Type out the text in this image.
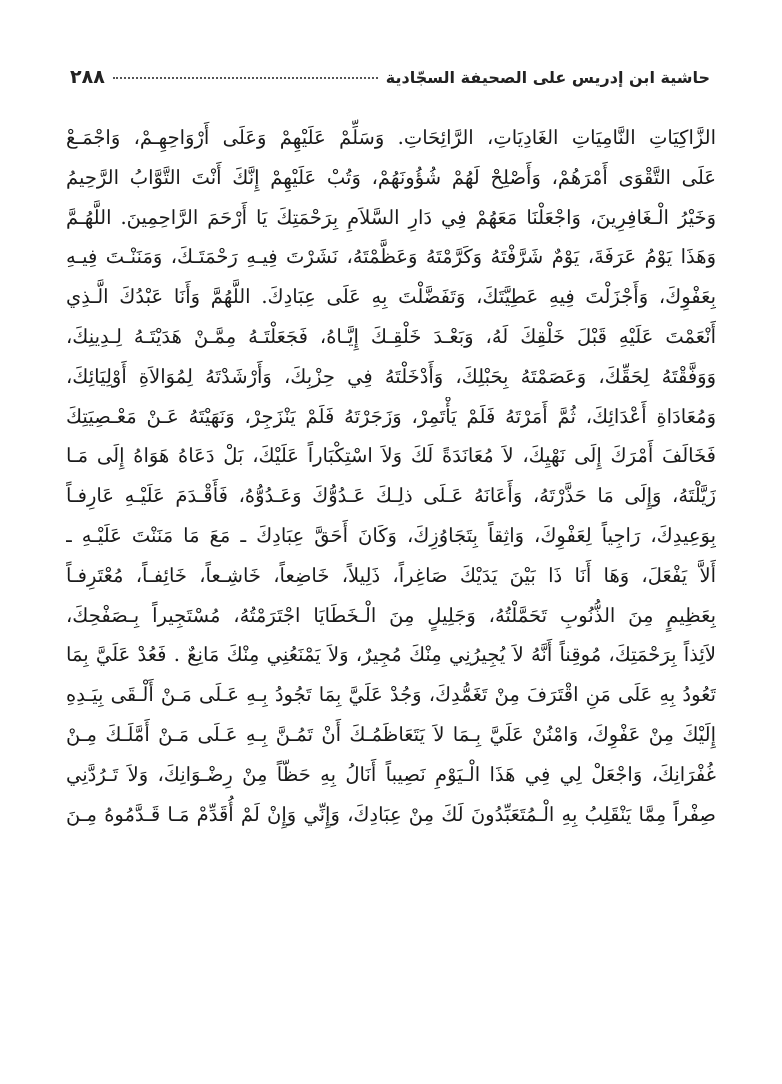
حاشية ابن إدريس على الصحيفة السجّادية
٢٨٨
الزَّاكِيَاتِ النَّامِيَاتِ الغَادِيَاتِ، الرَّائِحَاتِ. وَسَلِّمْ عَلَيْهِمْ وَعَلَى أَرْوَاحِهِـمْ، وَاجْمَـعْ
عَلَى التَّقْوَى أَمْرَهُمْ، وَأَصْلِحْ لَهُمْ شُؤُونَهُمْ، وَتُبْ عَلَيْهِمْ إِنَّكَ أَنْتَ التَّوَّابُ الرَّحِيمُ
وَخَيْرُ الْـغَافِرِينَ، وَاجْعَلْنَا مَعَهُمْ فِي دَارِ السَّلاَمِ بِرَحْمَتِكَ يَا أَرْحَمَ الرَّاحِمِينَ. اللَّهُـمَّ
وَهَذَا يَوْمُ عَرَفَةَ، يَوْمٌ شَرَّفْتَهُ وَكَرَّمْتَهُ وَعَظَّمْتَهُ، نَشَرْتَ فِيـهِ رَحْمَتَـكَ، وَمَنَنْـتَ فِيـهِ
بِعَفْوِكَ، وَأَجْزَلْتَ فِيهِ عَطِيَّتَكَ، وَتَفَضَّلْتَ بِهِ عَلَى عِبَادِكَ. اللَّهُمَّ وَأَنَا عَبْدُكَ الَّـذِي
أَنْعَمْتَ عَلَيْهِ قَبْلَ خَلْقِكَ لَهُ، وَبَعْـدَ خَلْقِـكَ إِيَّـاهُ، فَجَعَلْتَـهُ مِمَّـنْ هَدَيْتَـهُ لِـدِينِكَ،
وَوَفَّقْتَهُ لِحَقِّكَ، وَعَصَمْتَهُ بِحَبْلِكَ، وَأَدْخَلْتَهُ فِي حِزْبِكَ، وَأَرْشَدْتَهُ لِمُوَالاَةِ أَوْلِيَائِكَ،
وَمُعَادَاةِ أَعْدَائِكَ، ثُمَّ أَمَرْتَهُ فَلَمْ يَأْتَمِرْ، وَزَجَرْتَهُ فَلَمْ يَنْزَجِرْ، وَنَهَيْتَهُ عَـنْ مَعْـصِيَتِكَ
فَخَالَفَ أَمْرَكَ إِلَى نَهْيِكَ، لاَ مُعَانَدَةً لَكَ وَلاَ اسْتِكْبَاراً عَلَيْكَ، بَلْ دَعَاهُ هَوَاهُ إِلَى مَـا
زَيَّلْتَهُ، وَإِلَى مَا حَذَّرْتَهُ، وَأَعَانَهُ عَـلَى ذلِـكَ عَـدُوُّكَ وَعَـدُوُّهُ، فَأَقْـدَمَ عَلَيْـهِ عَارِفـاً
بِوَعِيدِكَ، رَاجِياً لِعَفْوِكَ، وَاثِقاً بِتَجَاوُزِكَ، وَكَانَ أَحَقَّ عِبَادِكَ ـ مَعَ مَا مَنَنْتَ عَلَيْـهِ ـ
أَلاَّ يَفْعَلَ، وَهَا أَنَا ذَا بَيْنَ يَدَيْكَ صَاغِراً، ذَلِيلاً، خَاضِعاً، خَاشِـعاً، خَائِفـاً، مُعْتَرِفـاً
بِعَظِيمٍ مِنَ الذُّنُوبِ تَحَمَّلْتُهُ، وَجَلِيلٍ مِنَ الْـخَطَايَا اجْتَرَمْتُهُ، مُسْتَجِيراً بِـصَفْحِكَ،
لاَئِذاً بِرَحْمَتِكَ، مُوقِناً أَنَّهُ لاَ يُجِيرُنِي مِنْكَ مُجِيرٌ، وَلاَ يَمْنَعُنِي مِنْكَ مَانِعٌ . فَعُدْ عَلَيَّ بِمَا
تَعُودُ بِهِ عَلَى مَنِ اقْتَرَفَ مِنْ تَغَمُّدِكَ، وَجُدْ عَلَيَّ بِمَا تَجُودُ بِـهِ عَـلَى مَـنْ أَلْـقَى بِيَـدِهِ
إِلَيْكَ مِنْ عَفْوِكَ، وَامْنُنْ عَلَيَّ بِـمَا لاَ يَتَعَاظَمُـكَ أَنْ تَمُـنَّ بِـهِ عَـلَى مَـنْ أَمَّلَـكَ مِـنْ
غُفْرَانِكَ، وَاجْعَلْ لِي فِي هَذَا الْـيَوْمِ نَصِيباً أَنَالُ بِهِ حَظّاً مِنْ رِضْـوَانِكَ، وَلاَ تَـرُدَّنِي
صِفْراً مِمَّا يَنْقَلِبُ بِهِ الْـمُتَعَبِّدُونَ لَكَ مِنْ عِبَادِكَ، وَإِنِّي وَإِنْ لَمْ أُقَدِّمْ مَـا قَـدَّمُوهُ مِـنَ
